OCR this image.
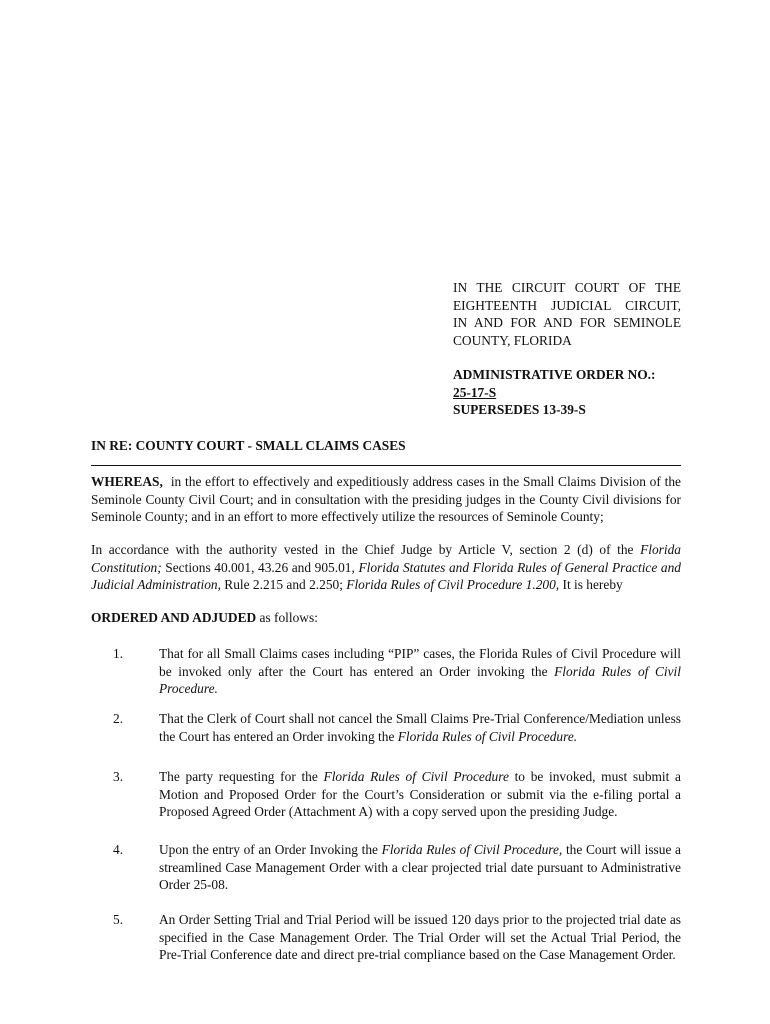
IN THE CIRCUIT COURT OF THE
EIGHTEENTH JUDICIAL CIRCUIT,
IN AND FOR AND FOR SEMINOLE
COUNTY, FLORIDA
ADMINISTRATIVE ORDER NO.:
25-17-S
SUPERSEDES 13-39-S
IN RE: COUNTY COURT - SMALL CLAIMS CASES
WHEREAS, in the effort to effectively and expeditiously address cases in the Small Claims Division of the Seminole County Civil Court; and in consultation with the presiding judges in the County Civil divisions for Seminole County; and in an effort to more effectively utilize the resources of Seminole County;
In accordance with the authority vested in the Chief Judge by Article V, section 2 (d) of the Florida Constitution; Sections 40.001, 43.26 and 905.01, Florida Statutes and Florida Rules of General Practice and Judicial Administration, Rule 2.215 and 2.250; Florida Rules of Civil Procedure 1.200, It is hereby
ORDERED AND ADJUDED as follows:
1.	That for all Small Claims cases including “PIP” cases, the Florida Rules of Civil Procedure will be invoked only after the Court has entered an Order invoking the Florida Rules of Civil Procedure.
2.	That the Clerk of Court shall not cancel the Small Claims Pre-Trial Conference/Mediation unless the Court has entered an Order invoking the Florida Rules of Civil Procedure.
3.	The party requesting for the Florida Rules of Civil Procedure to be invoked, must submit a Motion and Proposed Order for the Court’s Consideration or submit via the e-filing portal a Proposed Agreed Order (Attachment A) with a copy served upon the presiding Judge.
4.	Upon the entry of an Order Invoking the Florida Rules of Civil Procedure, the Court will issue a streamlined Case Management Order with a clear projected trial date pursuant to Administrative Order 25-08.
5.	An Order Setting Trial and Trial Period will be issued 120 days prior to the projected trial date as specified in the Case Management Order. The Trial Order will set the Actual Trial Period, the Pre-Trial Conference date and direct pre-trial compliance based on the Case Management Order.
